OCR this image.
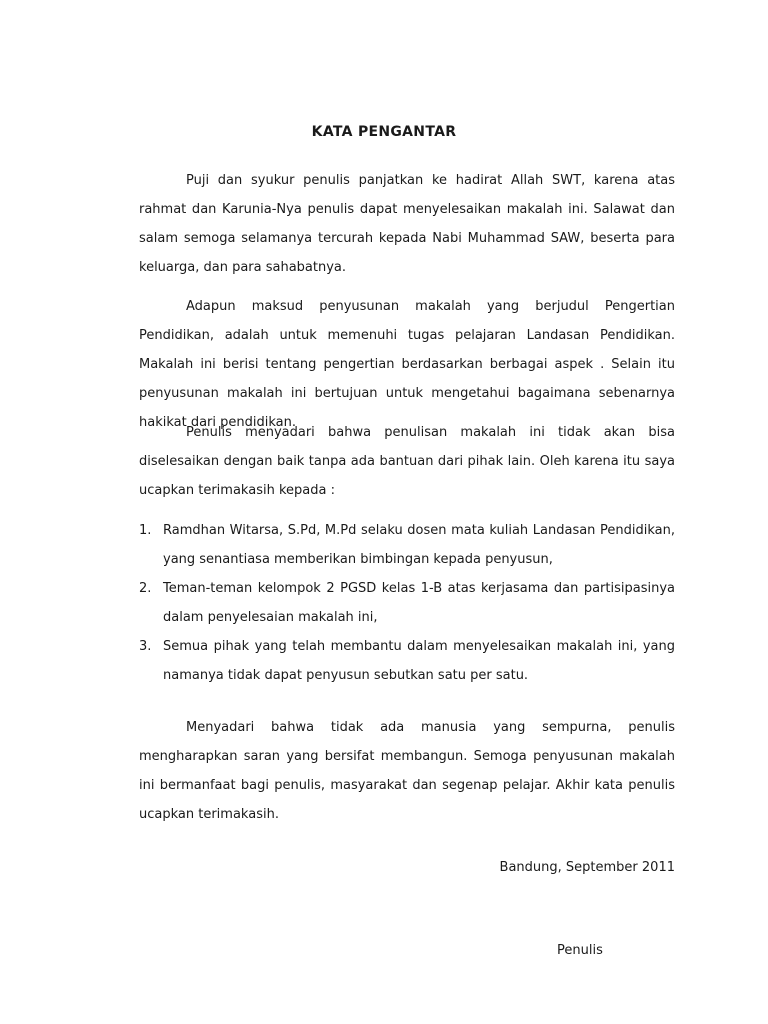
KATA PENGANTAR

Puji dan syukur penulis panjatkan ke hadirat Allah SWT, karena atas rahmat dan Karunia-Nya penulis dapat menyelesaikan makalah ini. Salawat dan salam semoga selamanya tercurah kepada Nabi Muhammad SAW, beserta para keluarga, dan para sahabatnya.

Adapun maksud penyusunan makalah yang berjudul Pengertian Pendidikan, adalah untuk memenuhi tugas pelajaran Landasan Pendidikan. Makalah ini berisi tentang pengertian berdasarkan berbagai aspek . Selain itu penyusunan makalah ini bertujuan untuk mengetahui bagaimana sebenarnya hakikat dari pendidikan.

Penulis menyadari bahwa penulisan makalah ini tidak akan bisa diselesaikan dengan baik tanpa ada bantuan dari pihak lain. Oleh karena itu saya ucapkan terimakasih kepada :

1. Ramdhan Witarsa, S.Pd, M.Pd selaku dosen mata kuliah Landasan Pendidikan, yang senantiasa memberikan bimbingan kepada penyusun,
2. Teman-teman kelompok 2 PGSD kelas 1-B atas kerjasama dan partisipasinya dalam penyelesaian makalah ini,
3. Semua pihak yang telah membantu dalam menyelesaikan makalah ini, yang namanya tidak dapat penyusun sebutkan satu per satu.

Menyadari bahwa tidak ada manusia yang sempurna, penulis mengharapkan saran yang bersifat membangun. Semoga penyusunan makalah ini bermanfaat bagi penulis, masyarakat dan segenap pelajar. Akhir kata penulis ucapkan terimakasih.

Bandung, September 2011
Penulis
